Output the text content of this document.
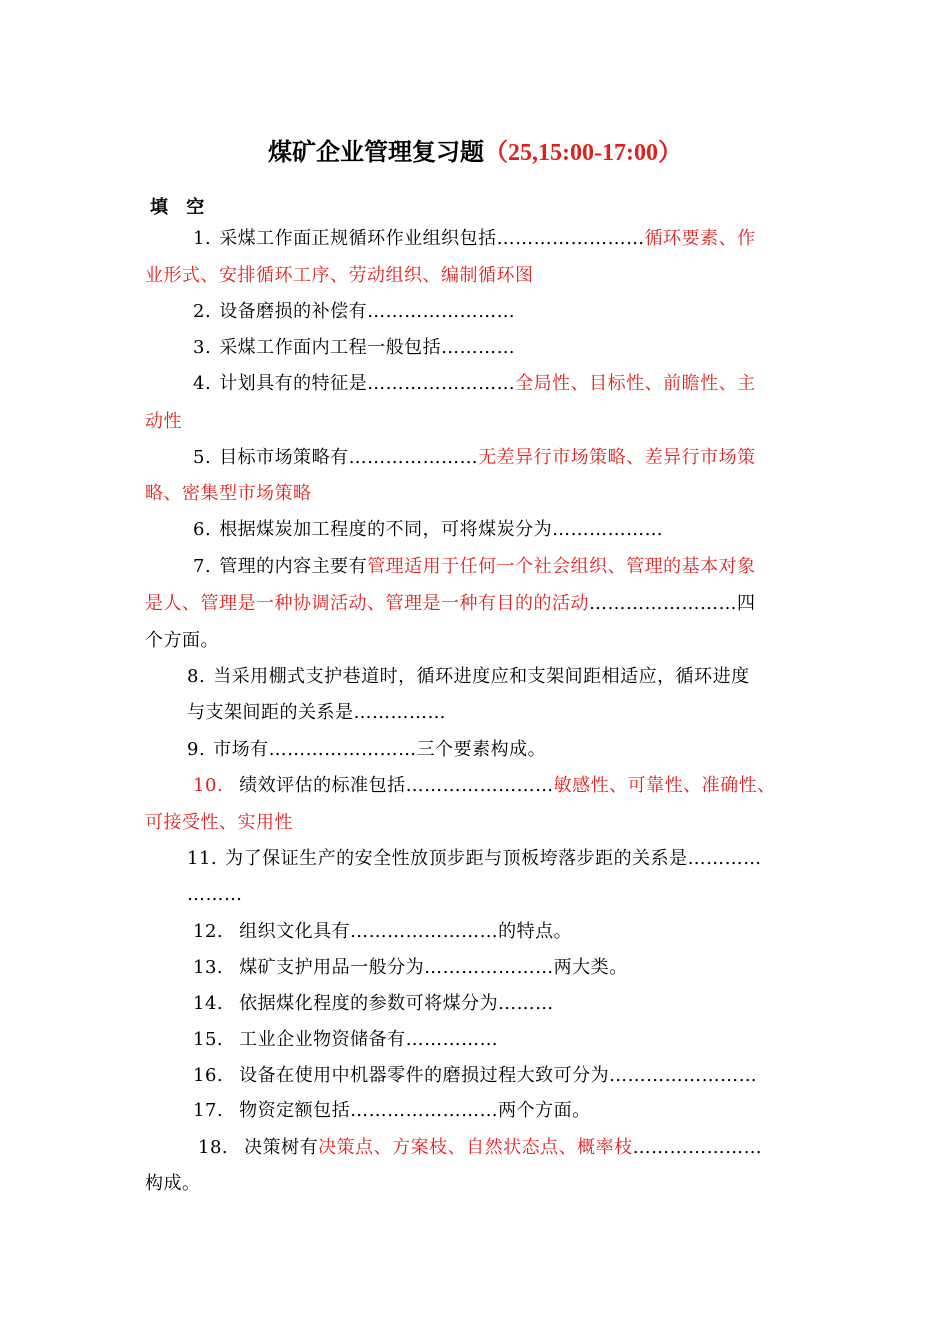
煤矿企业管理复习题（25,15:00-17:00）
填 空
1. 采煤工作面正规循环作业组织包括……………………循环要素、作
业形式、安排循环工序、劳动组织、编制循环图
2. 设备磨损的补偿有……………………
3. 采煤工作面内工程一般包括…………
4. 计划具有的特征是……………………全局性、目标性、前瞻性、主
动性
5. 目标市场策略有…………………无差异行市场策略、差异行市场策
略、密集型市场策略
6. 根据煤炭加工程度的不同，可将煤炭分为………………
7. 管理的内容主要有管理适用于任何一个社会组织、管理的基本对象
是人、管理是一种协调活动、管理是一种有目的的活动……………………四
个方面。
8. 当采用棚式支护巷道时，循环进度应和支架间距相适应，循环进度
与支架间距的关系是……………
9. 市场有……………………三个要素构成。
10. 绩效评估的标准包括……………………敏感性、可靠性、准确性、
可接受性、实用性
11. 为了保证生产的安全性放顶步距与顶板垮落步距的关系是…………
………
12. 组织文化具有……………………的特点。
13. 煤矿支护用品一般分为…………………两大类。
14. 依据煤化程度的参数可将煤分为………
15. 工业企业物资储备有……………
16. 设备在使用中机器零件的磨损过程大致可分为……………………
17. 物资定额包括……………………两个方面。
18. 决策树有决策点、方案枝、自然状态点、概率枝…………………
构成。
